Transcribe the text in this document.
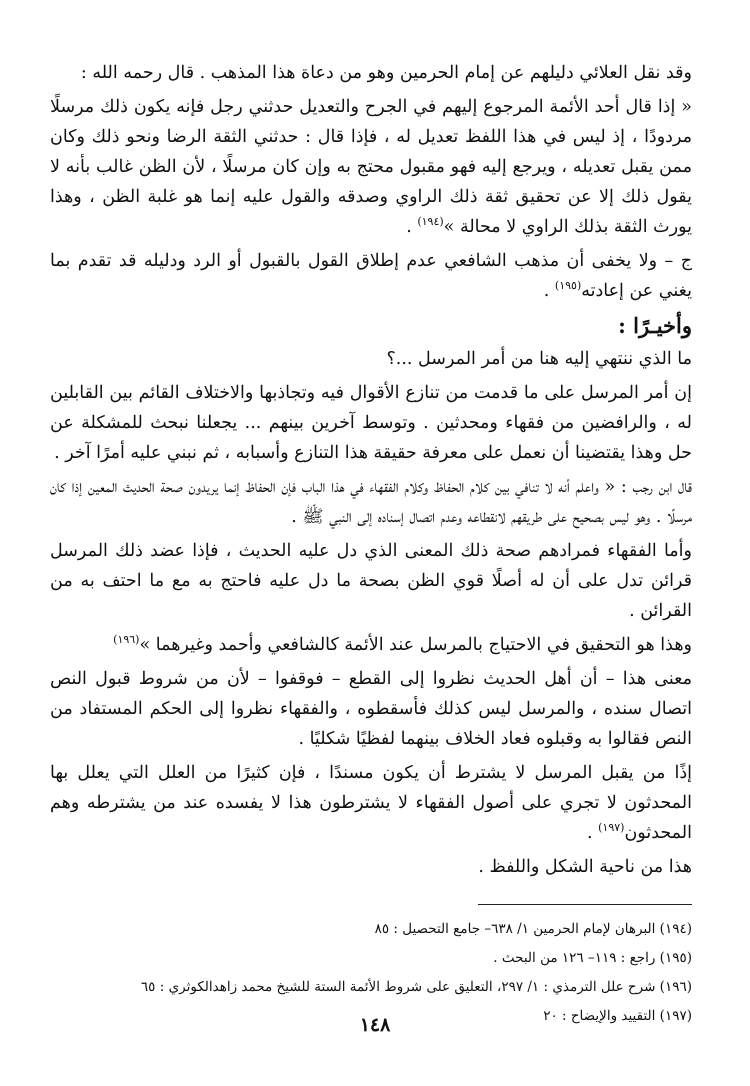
وقد نقل العلائي دليلهم عن إمام الحرمين وهو من دعاة هذا المذهب . قال رحمه الله :

« إذا قال أحد الأئمة المرجوع إليهم في الجرح والتعديل حدثني رجل فإنه يكون ذلك مرسلًا مردودًا ، إذ ليس في هذا اللفظ تعديل له ، فإذا قال : حدثني الثقة الرضا ونحو ذلك وكان ممن يقبل تعديله ، ويرجع إليه فهو مقبول محتج به وإن كان مرسلًا ، لأن الظن غالب بأنه لا يقول ذلك إلا عن تحقيق ثقة ذلك الراوي وصدقه والقول عليه إنما هو غلبة الظن ، وهذا يورث الثقة بذلك الراوي لا محالة »$^{(١٩٤)}$ .

ج – ولا يخفى أن مذهب الشافعي عدم إطلاق القول بالقبول أو الرد ودليله قد تقدم بما يغني عن إعادته$^{(١٩٥)}$ .

وأخيـرًا :

ما الذي ننتهي إليه هنا من أمر المرسل ...؟

إن أمر المرسل على ما قدمت من تنازع الأقوال فيه وتجاذبها والاختلاف القائم بين القابلين له ، والرافضين من فقهاء ومحدثين . وتوسط آخرين بينهم ... يجعلنا نبحث للمشكلة عن حل وهذا يقتضينا أن نعمل على معرفة حقيقة هذا التنازع وأسبابه ، ثم نبني عليه أمرًا آخر .

قال ابن رجب : « واعلم أنه لا تنافي بين كلام الحفاظ وكلام الفقهاء في هذا الباب فإن الحفاظ إنما يريدون صحة الحديث المعين إذا كان مرسلًا . وهو ليس بصحيح على طريقهم لانقطاعه وعدم اتصال إسناده إلى النبي ﷺ .

وأما الفقهاء فمرادهم صحة ذلك المعنى الذي دل عليه الحديث ، فإذا عضد ذلك المرسل قرائن تدل على أن له أصلًا قوي الظن بصحة ما دل عليه فاحتج به مع ما احتف به من القرائن .

وهذا هو التحقيق في الاحتياج بالمرسل عند الأئمة كالشافعي وأحمد وغيرهما »$^{(١٩٦)}$

معنى هذا – أن أهل الحديث نظروا إلى القطع – فوقفوا – لأن من شروط قبول النص اتصال سنده ، والمرسل ليس كذلك فأسقطوه ، والفقهاء نظروا إلى الحكم المستفاد من النص فقالوا به وقبلوه فعاد الخلاف بينهما لفظيًا شكليًا .

إذًا من يقبل المرسل لا يشترط أن يكون مسندًا ، فإن كثيرًا من العلل التي يعلل بها المحدثون لا تجري على أصول الفقهاء لا يشترطون هذا لا يفسده عند من يشترطه وهم المحدثون$^{(١٩٧)}$ .

هذا من ناحية الشكل واللفظ .

(١٩٤) البرهان لإمام الحرمين ١/ ٦٣٨– جامع التحصيل : ٨٥

(١٩٥) راجع : ١١٩– ١٢٦ من البحث .

(١٩٦) شرح علل الترمذي : ١/ ٢٩٧، التعليق على شروط الأئمة الستة للشيخ محمد زاهدالكوثري : ٦٥

(١٩٧) التقييد والإيضاح : ٢٠

١٤٨
